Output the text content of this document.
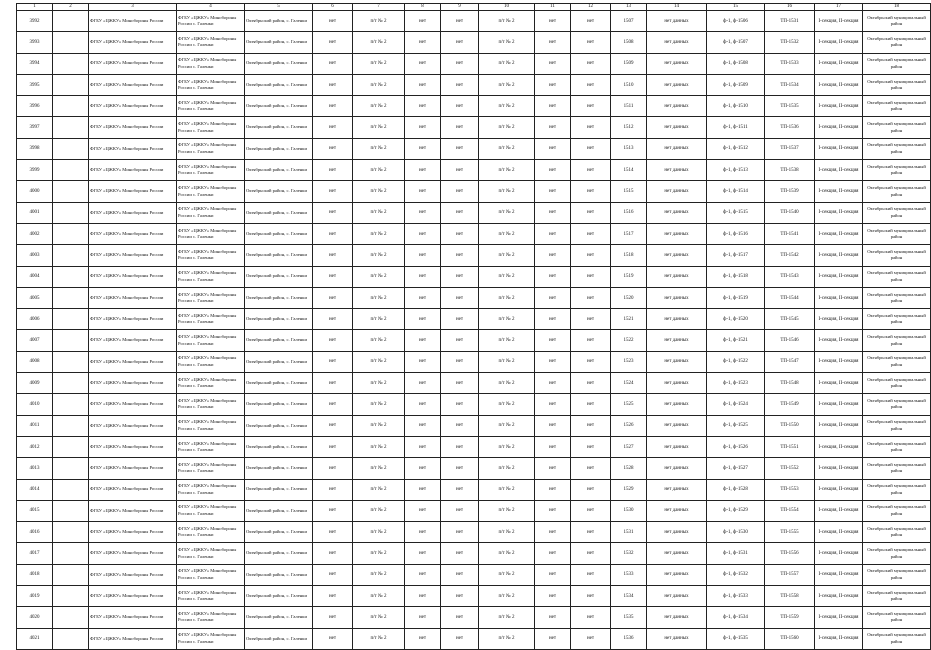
1	2	3	4	5	6	7	8	9	10	11	12	13	14	15	16	17	18
3992		ФГБУ «ЦЖКУ» Минобороны России	ФГБУ «ЦЖКУ» Минобороны России с. Галенки	Октябрьский район, с. Галенки	нет	п/т № 2	нет	нет	п/т № 2	нет	нет	1507	нет данных	ф-1, ф-1506	ТП-1531	I-секция, II-секция	Октябрьский муниципальный район
3993		ФГБУ «ЦЖКУ» Минобороны России	ФГБУ «ЦЖКУ» Минобороны России с. Галенки	Октябрьский район, с. Галенки	нет	п/т № 2	нет	нет	п/т № 2	нет	нет	1508	нет данных	ф-1, ф-1507	ТП-1532	I-секция, II-секция	Октябрьский муниципальный район
3994		ФГБУ «ЦЖКУ» Минобороны России	ФГБУ «ЦЖКУ» Минобороны России с. Галенки	Октябрьский район, с. Галенки	нет	п/т № 2	нет	нет	п/т № 2	нет	нет	1509	нет данных	ф-1, ф-1508	ТП-1533	I-секция, II-секция	Октябрьский муниципальный район
3995		ФГБУ «ЦЖКУ» Минобороны России	ФГБУ «ЦЖКУ» Минобороны России с. Галенки	Октябрьский район, с. Галенки	нет	п/т № 2	нет	нет	п/т № 2	нет	нет	1510	нет данных	ф-1, ф-1509	ТП-1534	I-секция, II-секция	Октябрьский муниципальный район
3996		ФГБУ «ЦЖКУ» Минобороны России	ФГБУ «ЦЖКУ» Минобороны России с. Галенки	Октябрьский район, с. Галенки	нет	п/т № 2	нет	нет	п/т № 2	нет	нет	1511	нет данных	ф-1, ф-1510	ТП-1535	I-секция, II-секция	Октябрьский муниципальный район
3997		ФГБУ «ЦЖКУ» Минобороны России	ФГБУ «ЦЖКУ» Минобороны России с. Галенки	Октябрьский район, с. Галенки	нет	п/т № 2	нет	нет	п/т № 2	нет	нет	1512	нет данных	ф-1, ф-1511	ТП-1536	I-секция, II-секция	Октябрьский муниципальный район
3998		ФГБУ «ЦЖКУ» Минобороны России	ФГБУ «ЦЖКУ» Минобороны России с. Галенки	Октябрьский район, с. Галенки	нет	п/т № 2	нет	нет	п/т № 2	нет	нет	1513	нет данных	ф-1, ф-1512	ТП-1537	I-секция, II-секция	Октябрьский муниципальный район
3999		ФГБУ «ЦЖКУ» Минобороны России	ФГБУ «ЦЖКУ» Минобороны России с. Галенки	Октябрьский район, с. Галенки	нет	п/т № 2	нет	нет	п/т № 2	нет	нет	1514	нет данных	ф-1, ф-1513	ТП-1538	I-секция, II-секция	Октябрьский муниципальный район
4000		ФГБУ «ЦЖКУ» Минобороны России	ФГБУ «ЦЖКУ» Минобороны России с. Галенки	Октябрьский район, с. Галенки	нет	п/т № 2	нет	нет	п/т № 2	нет	нет	1515	нет данных	ф-1, ф-1514	ТП-1539	I-секция, II-секция	Октябрьский муниципальный район
4001		ФГБУ «ЦЖКУ» Минобороны России	ФГБУ «ЦЖКУ» Минобороны России с. Галенки	Октябрьский район, с. Галенки	нет	п/т № 2	нет	нет	п/т № 2	нет	нет	1516	нет данных	ф-1, ф-1515	ТП-1540	I-секция, II-секция	Октябрьский муниципальный район
4002		ФГБУ «ЦЖКУ» Минобороны России	ФГБУ «ЦЖКУ» Минобороны России с. Галенки	Октябрьский район, с. Галенки	нет	п/т № 2	нет	нет	п/т № 2	нет	нет	1517	нет данных	ф-1, ф-1516	ТП-1541	I-секция, II-секция	Октябрьский муниципальный район
4003		ФГБУ «ЦЖКУ» Минобороны России	ФГБУ «ЦЖКУ» Минобороны России с. Галенки	Октябрьский район, с. Галенки	нет	п/т № 2	нет	нет	п/т № 2	нет	нет	1518	нет данных	ф-1, ф-1517	ТП-1542	I-секция, II-секция	Октябрьский муниципальный район
4004		ФГБУ «ЦЖКУ» Минобороны России	ФГБУ «ЦЖКУ» Минобороны России с. Галенки	Октябрьский район, с. Галенки	нет	п/т № 2	нет	нет	п/т № 2	нет	нет	1519	нет данных	ф-1, ф-1518	ТП-1543	I-секция, II-секция	Октябрьский муниципальный район
4005		ФГБУ «ЦЖКУ» Минобороны России	ФГБУ «ЦЖКУ» Минобороны России с. Галенки	Октябрьский район, с. Галенки	нет	п/т № 2	нет	нет	п/т № 2	нет	нет	1520	нет данных	ф-1, ф-1519	ТП-1544	I-секция, II-секция	Октябрьский муниципальный район
4006		ФГБУ «ЦЖКУ» Минобороны России	ФГБУ «ЦЖКУ» Минобороны России с. Галенки	Октябрьский район, с. Галенки	нет	п/т № 2	нет	нет	п/т № 2	нет	нет	1521	нет данных	ф-1, ф-1520	ТП-1545	I-секция, II-секция	Октябрьский муниципальный район
4007		ФГБУ «ЦЖКУ» Минобороны России	ФГБУ «ЦЖКУ» Минобороны России с. Галенки	Октябрьский район, с. Галенки	нет	п/т № 2	нет	нет	п/т № 2	нет	нет	1522	нет данных	ф-1, ф-1521	ТП-1546	I-секция, II-секция	Октябрьский муниципальный район
4008		ФГБУ «ЦЖКУ» Минобороны России	ФГБУ «ЦЖКУ» Минобороны России с. Галенки	Октябрьский район, с. Галенки	нет	п/т № 2	нет	нет	п/т № 2	нет	нет	1523	нет данных	ф-1, ф-1522	ТП-1547	I-секция, II-секция	Октябрьский муниципальный район
4009		ФГБУ «ЦЖКУ» Минобороны России	ФГБУ «ЦЖКУ» Минобороны России с. Галенки	Октябрьский район, с. Галенки	нет	п/т № 2	нет	нет	п/т № 2	нет	нет	1524	нет данных	ф-1, ф-1523	ТП-1548	I-секция, II-секция	Октябрьский муниципальный район
4010		ФГБУ «ЦЖКУ» Минобороны России	ФГБУ «ЦЖКУ» Минобороны России с. Галенки	Октябрьский район, с. Галенки	нет	п/т № 2	нет	нет	п/т № 2	нет	нет	1525	нет данных	ф-1, ф-1524	ТП-1549	I-секция, II-секция	Октябрьский муниципальный район
4011		ФГБУ «ЦЖКУ» Минобороны России	ФГБУ «ЦЖКУ» Минобороны России с. Галенки	Октябрьский район, с. Галенки	нет	п/т № 2	нет	нет	п/т № 2	нет	нет	1526	нет данных	ф-1, ф-1525	ТП-1550	I-секция, II-секция	Октябрьский муниципальный район
4012		ФГБУ «ЦЖКУ» Минобороны России	ФГБУ «ЦЖКУ» Минобороны России с. Галенки	Октябрьский район, с. Галенки	нет	п/т № 2	нет	нет	п/т № 2	нет	нет	1527	нет данных	ф-1, ф-1526	ТП-1551	I-секция, II-секция	Октябрьский муниципальный район
4013		ФГБУ «ЦЖКУ» Минобороны России	ФГБУ «ЦЖКУ» Минобороны России с. Галенки	Октябрьский район, с. Галенки	нет	п/т № 2	нет	нет	п/т № 2	нет	нет	1528	нет данных	ф-1, ф-1527	ТП-1552	I-секция, II-секция	Октябрьский муниципальный район
4014		ФГБУ «ЦЖКУ» Минобороны России	ФГБУ «ЦЖКУ» Минобороны России с. Галенки	Октябрьский район, с. Галенки	нет	п/т № 2	нет	нет	п/т № 2	нет	нет	1529	нет данных	ф-1, ф-1528	ТП-1553	I-секция, II-секция	Октябрьский муниципальный район
4015		ФГБУ «ЦЖКУ» Минобороны России	ФГБУ «ЦЖКУ» Минобороны России с. Галенки	Октябрьский район, с. Галенки	нет	п/т № 2	нет	нет	п/т № 2	нет	нет	1530	нет данных	ф-1, ф-1529	ТП-1554	I-секция, II-секция	Октябрьский муниципальный район
4016		ФГБУ «ЦЖКУ» Минобороны России	ФГБУ «ЦЖКУ» Минобороны России с. Галенки	Октябрьский район, с. Галенки	нет	п/т № 2	нет	нет	п/т № 2	нет	нет	1531	нет данных	ф-1, ф-1530	ТП-1555	I-секция, II-секция	Октябрьский муниципальный район
4017		ФГБУ «ЦЖКУ» Минобороны России	ФГБУ «ЦЖКУ» Минобороны России с. Галенки	Октябрьский район, с. Галенки	нет	п/т № 2	нет	нет	п/т № 2	нет	нет	1532	нет данных	ф-1, ф-1531	ТП-1556	I-секция, II-секция	Октябрьский муниципальный район
4018		ФГБУ «ЦЖКУ» Минобороны России	ФГБУ «ЦЖКУ» Минобороны России с. Галенки	Октябрьский район, с. Галенки	нет	п/т № 2	нет	нет	п/т № 2	нет	нет	1533	нет данных	ф-1, ф-1532	ТП-1557	I-секция, II-секция	Октябрьский муниципальный район
4019		ФГБУ «ЦЖКУ» Минобороны России	ФГБУ «ЦЖКУ» Минобороны России с. Галенки	Октябрьский район, с. Галенки	нет	п/т № 2	нет	нет	п/т № 2	нет	нет	1534	нет данных	ф-1, ф-1533	ТП-1558	I-секция, II-секция	Октябрьский муниципальный район
4020		ФГБУ «ЦЖКУ» Минобороны России	ФГБУ «ЦЖКУ» Минобороны России с. Галенки	Октябрьский район, с. Галенки	нет	п/т № 2	нет	нет	п/т № 2	нет	нет	1535	нет данных	ф-1, ф-1534	ТП-1559	I-секция, II-секция	Октябрьский муниципальный район
4021		ФГБУ «ЦЖКУ» Минобороны России	ФГБУ «ЦЖКУ» Минобороны России с. Галенки	Октябрьский район, с. Галенки	нет	п/т № 2	нет	нет	п/т № 2	нет	нет	1536	нет данных	ф-1, ф-1535	ТП-1560	I-секция, II-секция	Октябрьский муниципальный район
